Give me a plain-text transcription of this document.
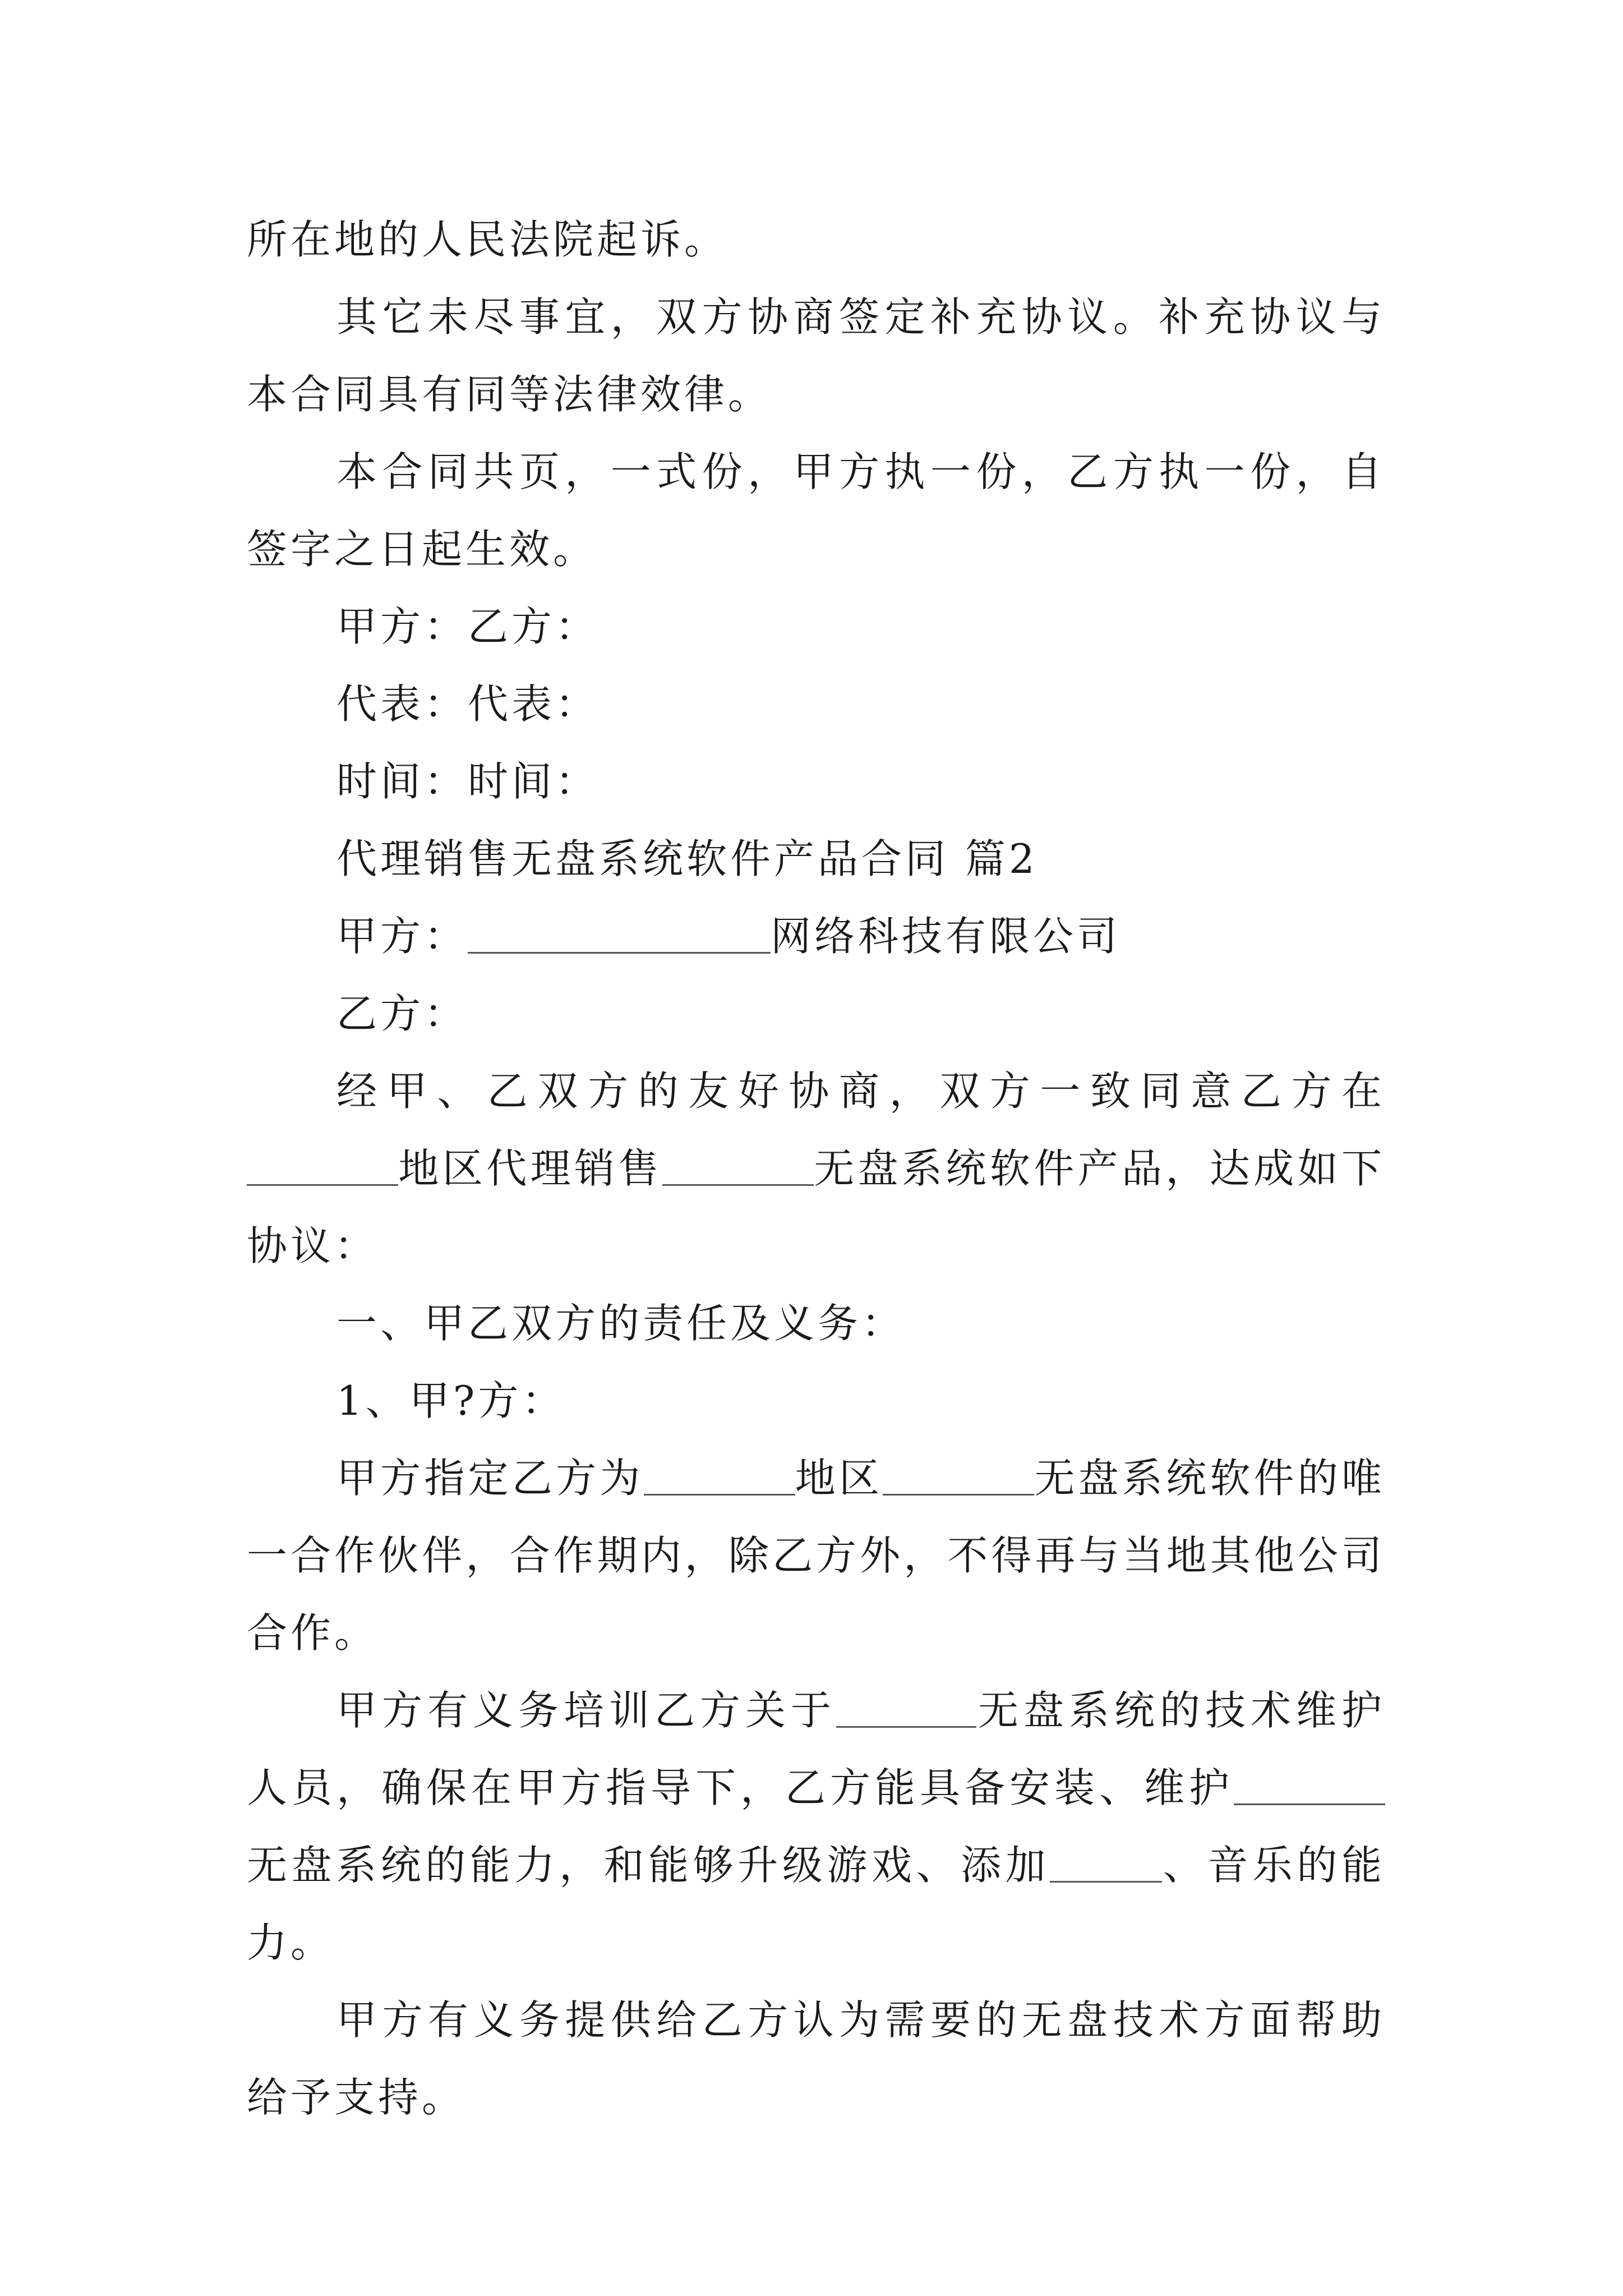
所在地的人民法院起诉。

其它未尽事宜，双方协商签定补充协议。补充协议与本合同具有同等法律效律。

本合同共页，一式份，甲方执一份，乙方执一份，自签字之日起生效。

甲方：乙方：

代表：代表：

时间：时间：

代理销售无盘系统软件产品合同 篇2

甲方：	网络科技有限公司

乙方：

经甲、乙双方的友好协商，双方一致同意乙方在地区代理销售	无盘系统软件产品，达成如下协议：

一、甲乙双方的责任及义务：

1、甲?方：

甲方指定乙方为	地区	无盘系统软件的唯一合作伙伴，合作期内，除乙方外，不得再与当地其他公司合作。

甲方有义务培训乙方关于	无盘系统的技术维护人员，确保在甲方指导下，乙方能具备安装、维护无盘系统的能力，和能够升级游戏、添加	、音乐的能力。

甲方有义务提供给乙方认为需要的无盘技术方面帮助给予支持。
